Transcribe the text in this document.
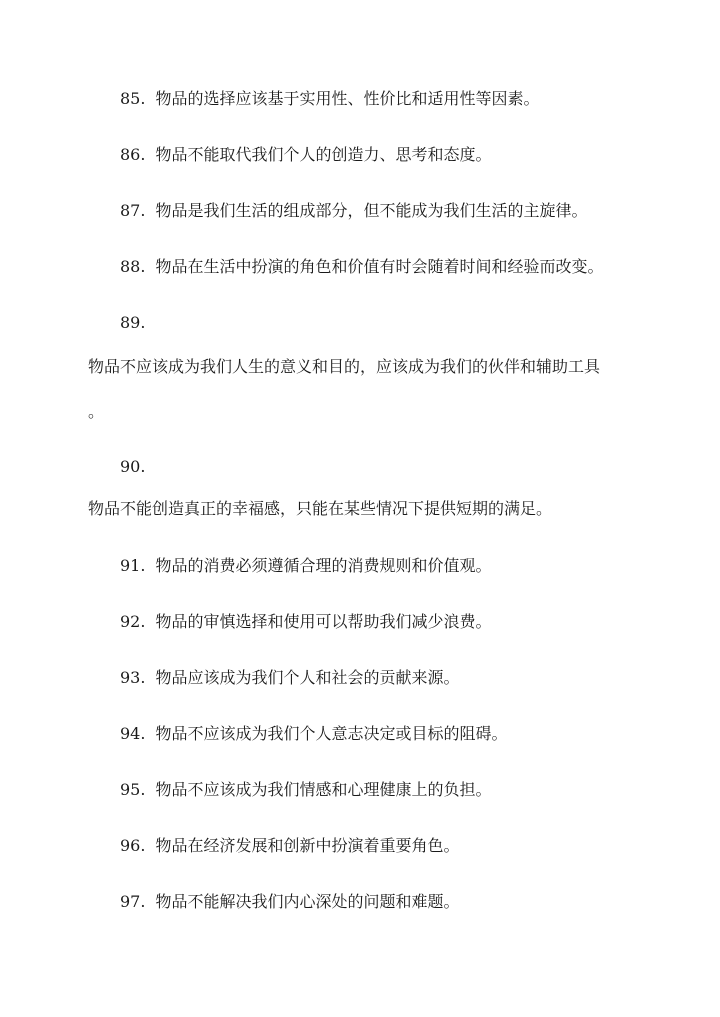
85. 物品的选择应该基于实用性、性价比和适用性等因素。
86. 物品不能取代我们个人的创造力、思考和态度。
87. 物品是我们生活的组成部分，但不能成为我们生活的主旋律。
88. 物品在生活中扮演的角色和价值有时会随着时间和经验而改变。
89.
物品不应该成为我们人生的意义和目的，应该成为我们的伙伴和辅助工具
。
90.
物品不能创造真正的幸福感，只能在某些情况下提供短期的满足。
91. 物品的消费必须遵循合理的消费规则和价值观。
92. 物品的审慎选择和使用可以帮助我们减少浪费。
93. 物品应该成为我们个人和社会的贡献来源。
94. 物品不应该成为我们个人意志决定或目标的阻碍。
95. 物品不应该成为我们情感和心理健康上的负担。
96. 物品在经济发展和创新中扮演着重要角色。
97. 物品不能解决我们内心深处的问题和难题。
